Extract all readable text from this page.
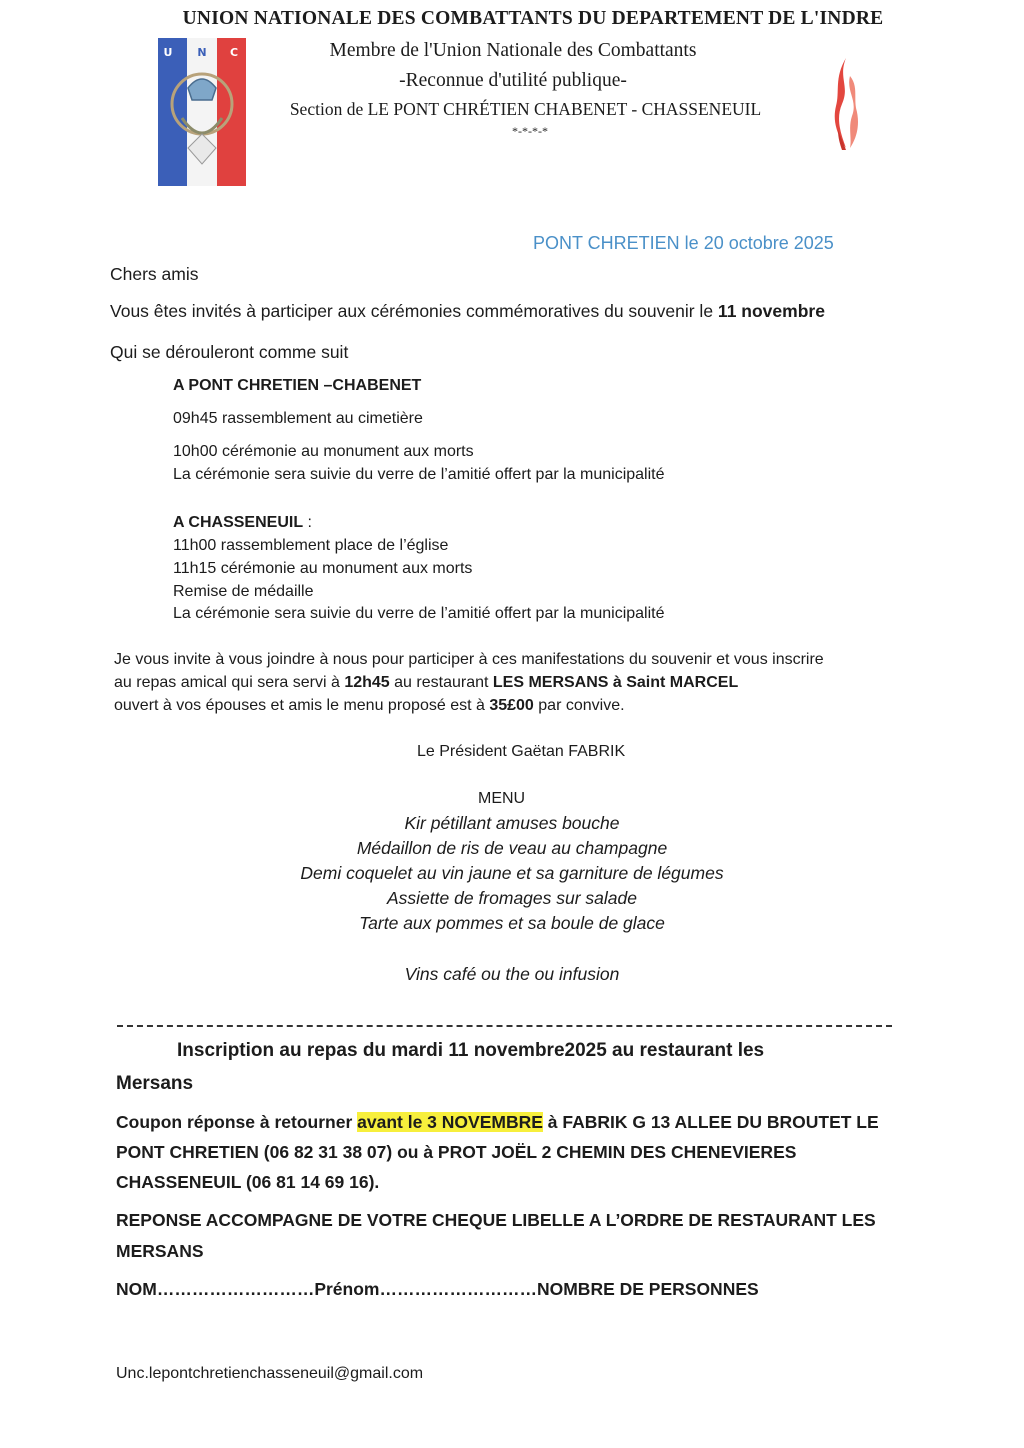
U N C
UNION NATIONALE DES COMBATTANTS DU DEPARTEMENT DE L'INDRE
Membre de l'Union Nationale des Combattants
-Reconnue d'utilité publique-
Section de LE PONT CHRÉTIEN CHABENET - CHASSENEUIL
*-*-*-*
PONT CHRETIEN le 20 octobre 2025
Chers amis
Vous êtes invités à participer aux cérémonies commémoratives du souvenir le 11 novembre
Qui se dérouleront comme suit
A PONT CHRETIEN –CHABENET
09h45 rassemblement au cimetière
10h00 cérémonie au monument aux morts
La cérémonie sera suivie du verre de l’amitié offert par la municipalité
A CHASSENEUIL :
11h00 rassemblement place de l’église
11h15 cérémonie au monument aux morts
Remise de médaille
La cérémonie sera suivie du verre de l’amitié offert par la municipalité
Je vous invite à vous joindre à nous pour participer à ces manifestations du souvenir et vous inscrire
au repas amical qui sera servi à 12h45 au restaurant LES MERSANS à Saint MARCEL
ouvert à vos épouses et amis le menu proposé est à 35£00 par convive.
Le Président Gaëtan FABRIK
MENU
Kir pétillant amuses bouche
Médaillon de ris de veau au champagne
Demi coquelet au vin jaune et sa garniture de légumes
Assiette de fromages sur salade
Tarte aux pommes et sa boule de glace
Vins café ou the ou infusion
Inscription au repas du mardi 11 novembre2025 au restaurant les
Mersans
Coupon réponse à retourner avant le 3 NOVEMBRE à FABRIK G 13 ALLEE DU BROUTET LE
PONT CHRETIEN (06 82 31 38 07) ou à PROT JOËL 2 CHEMIN DES CHENEVIERES
CHASSENEUIL (06 81 14 69 16).
REPONSE ACCOMPAGNE DE VOTRE CHEQUE LIBELLE A L’ORDRE DE RESTAURANT LES
MERSANS
NOM………………………Prénom………………………NOMBRE DE PERSONNES
Unc.lepontchretienchasseneuil@gmail.com
